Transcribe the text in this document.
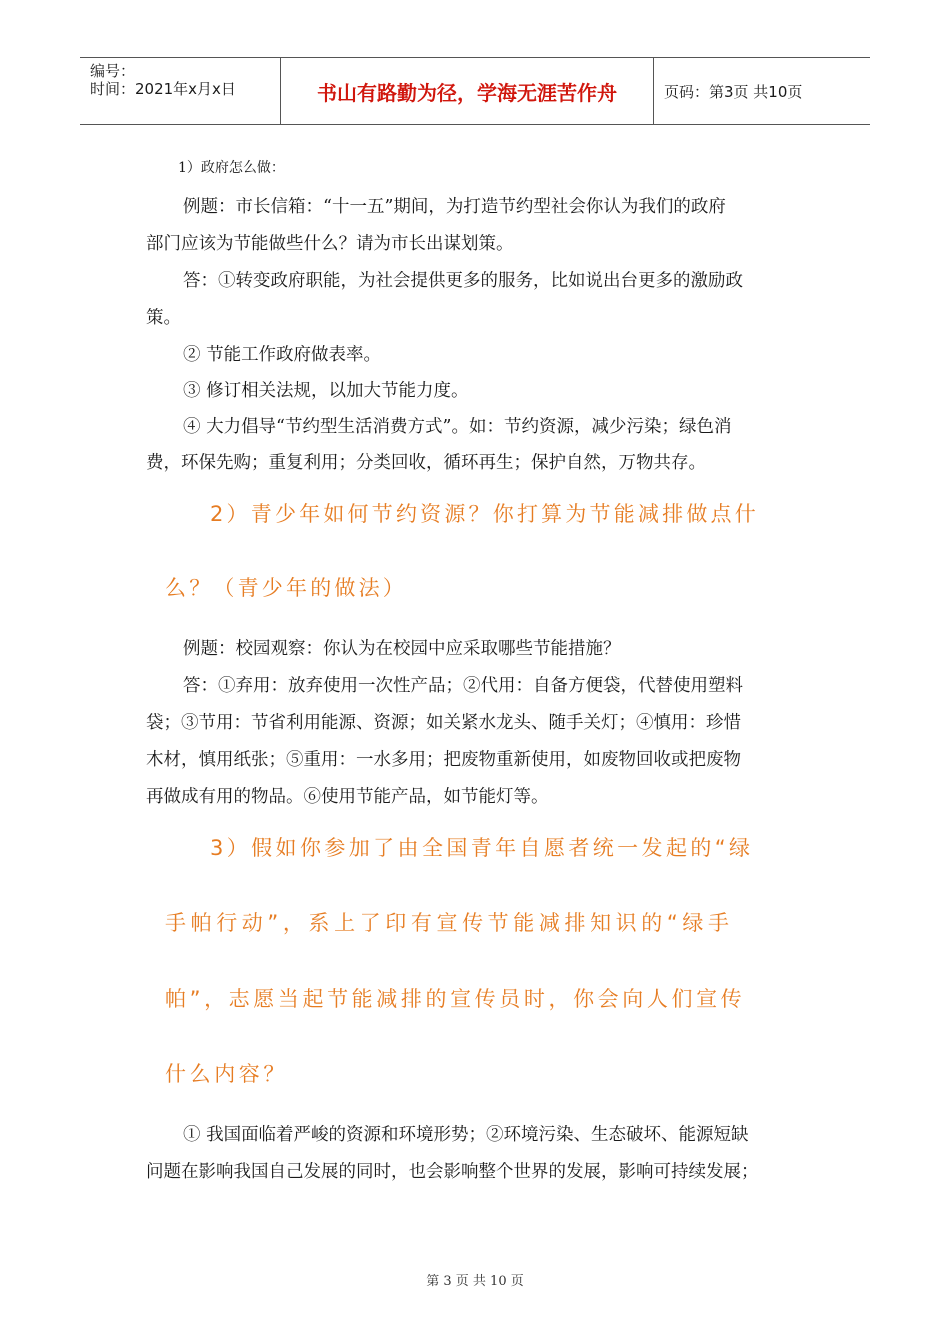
编号：
时间：2021年x月x日	书山有路勤为径，学海无涯苦作舟	页码：第3页 共10页
1）政府怎么做：
例题：市长信箱：“十一五”期间，为打造节约型社会你认为我们的政府
部门应该为节能做些什么？请为市长出谋划策。
答：①转变政府职能，为社会提供更多的服务，比如说出台更多的激励政
策。
② 节能工作政府做表率。
③ 修订相关法规，以加大节能力度。
④ 大力倡导“节约型生活消费方式”。如：节约资源，减少污染；绿色消
费，环保先购；重复利用；分类回收，循环再生；保护自然，万物共存。
2）青少年如何节约资源？你打算为节能减排做点什
么？（青少年的做法）
例题：校园观察：你认为在校园中应采取哪些节能措施？
答：①弃用：放弃使用一次性产品；②代用：自备方便袋，代替使用塑料
袋；③节用：节省利用能源、资源；如关紧水龙头、随手关灯；④慎用：珍惜
木材，慎用纸张；⑤重用：一水多用；把废物重新使用，如废物回收或把废物
再做成有用的物品。⑥使用节能产品，如节能灯等。
3）假如你参加了由全国青年自愿者统一发起的“绿
手帕行动”，系上了印有宣传节能减排知识的“绿手
帕”，志愿当起节能减排的宣传员时，你会向人们宣传
什么内容？
① 我国面临着严峻的资源和环境形势；②环境污染、生态破坏、能源短缺
问题在影响我国自己发展的同时，也会影响整个世界的发展，影响可持续发展；
第 3 页 共 10 页
